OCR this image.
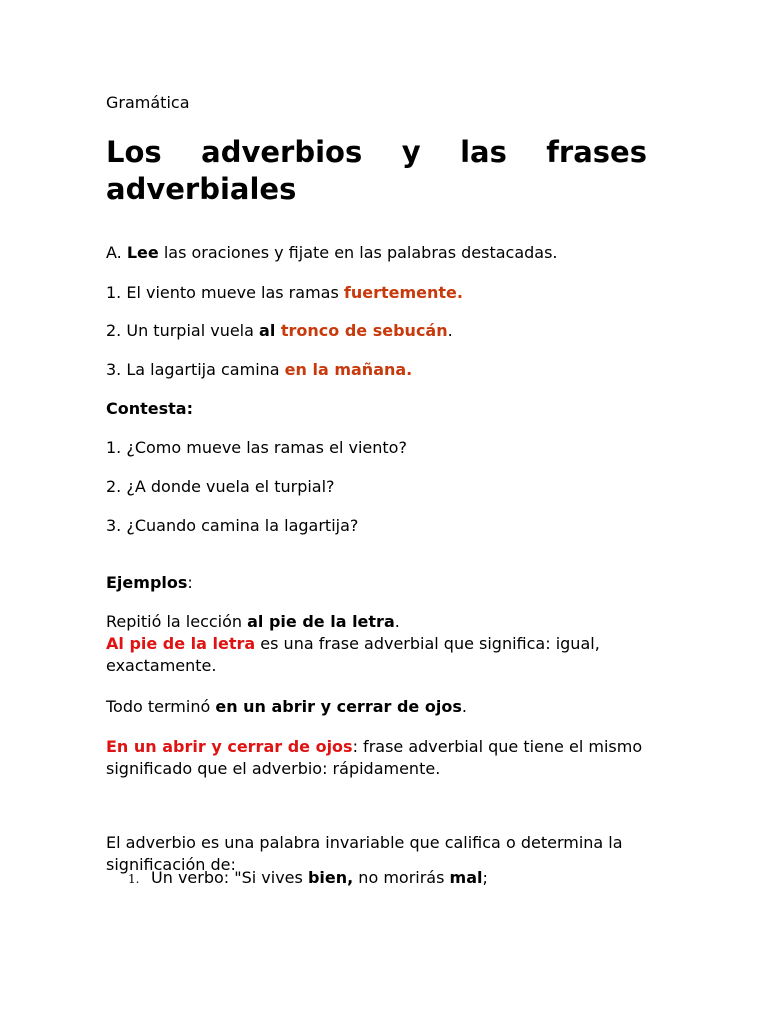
Gramática
Los adverbios y las frases adverbiales
A. Lee las oraciones y fijate en las palabras destacadas.
1. El viento mueve las ramas fuertemente.
2. Un turpial vuela al tronco de sebucán.
3. La lagartija camina en la mañana.
Contesta:
1. ¿Como mueve las ramas el viento?
2. ¿A donde vuela el turpial?
3. ¿Cuando camina la lagartija?
Ejemplos:
Repitió la lección al pie de la letra.
Al pie de la letra es una frase adverbial que significa: igual, exactamente.
Todo terminó en un abrir y cerrar de ojos.
En un abrir y cerrar de ojos: frase adverbial que tiene el mismo significado que el adverbio: rápidamente.
El adverbio es una palabra invariable que califica o determina la significación de:
1. Un verbo: "Si vives bien, no morirás mal;
